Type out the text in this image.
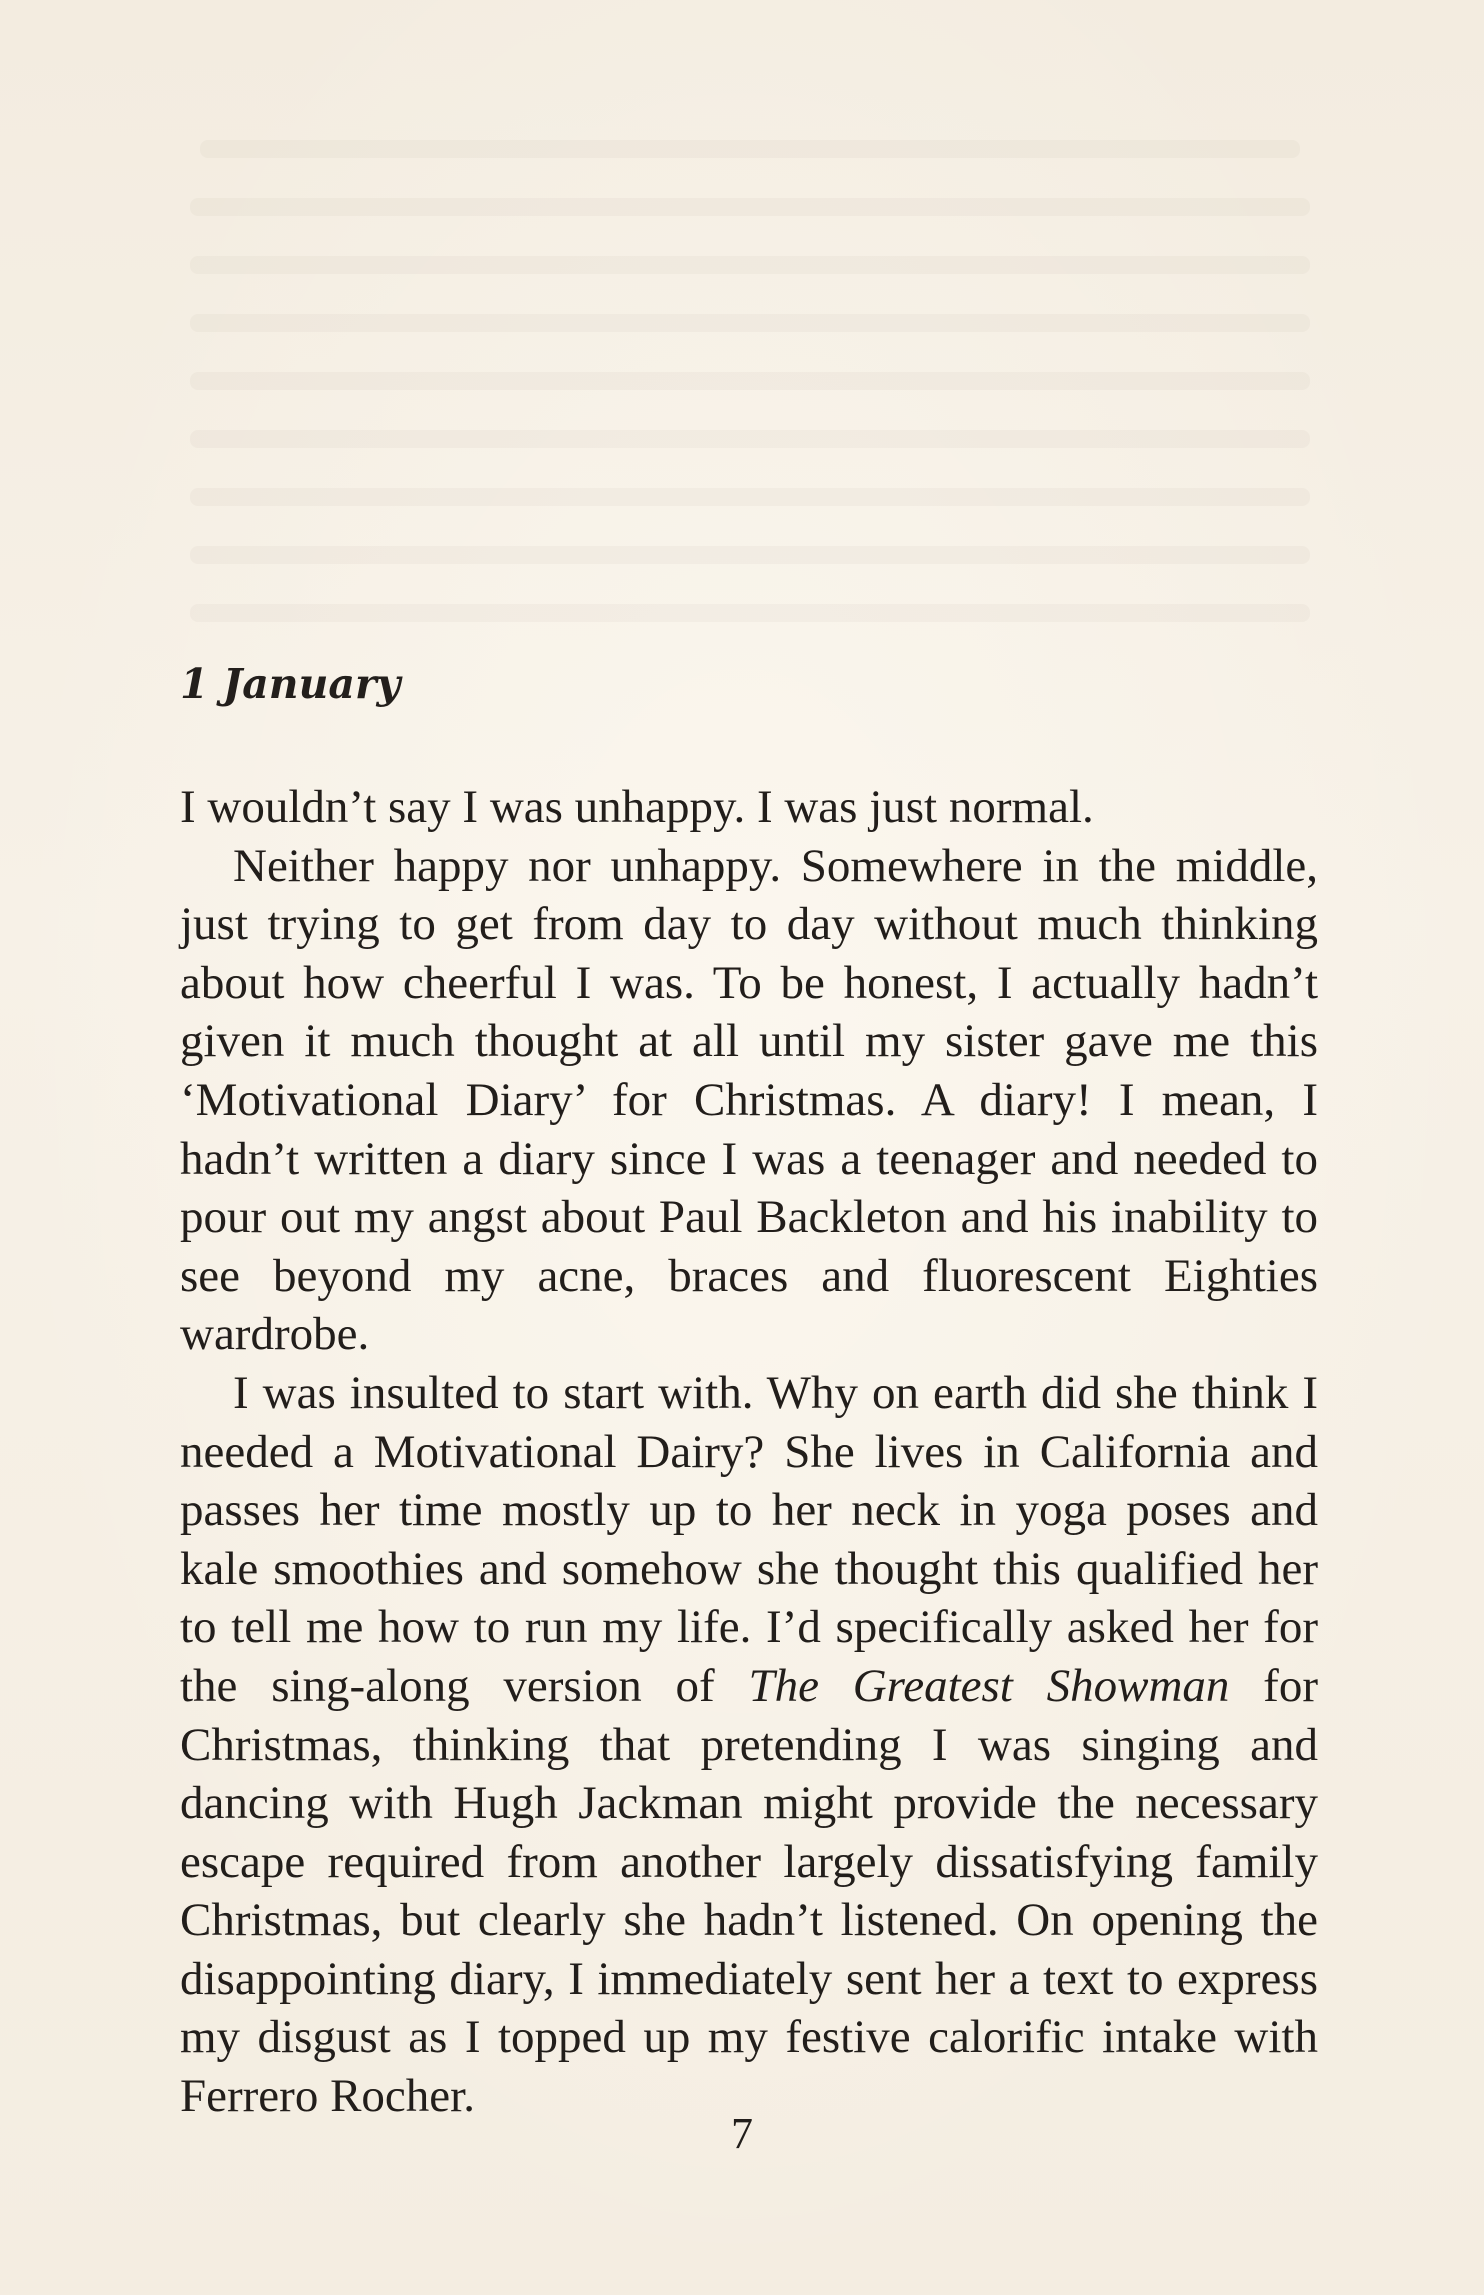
1 January

I wouldn’t say I was unhappy. I was just normal.

Neither happy nor unhappy. Somewhere in the middle, just trying to get from day to day without much thinking about how cheerful I was. To be honest, I actually hadn’t given it much thought at all until my sister gave me this ‘Motivational Diary’ for Christmas. A diary! I mean, I hadn’t written a diary since I was a teenager and needed to pour out my angst about Paul Backleton and his inability to see beyond my acne, braces and fluorescent Eighties wardrobe.

I was insulted to start with. Why on earth did she think I needed a Motivational Dairy? She lives in California and passes her time mostly up to her neck in yoga poses and kale smoothies and somehow she thought this qualified her to tell me how to run my life. I’d specifically asked her for the sing-along version of The Greatest Showman for Christmas, thinking that pretending I was singing and dancing with Hugh Jackman might provide the necessary escape required from another largely dissatisfying family Christmas, but clearly she hadn’t listened. On opening the disappointing diary, I immediately sent her a text to express my disgust as I topped up my festive calorific intake with Ferrero Rocher.

7
